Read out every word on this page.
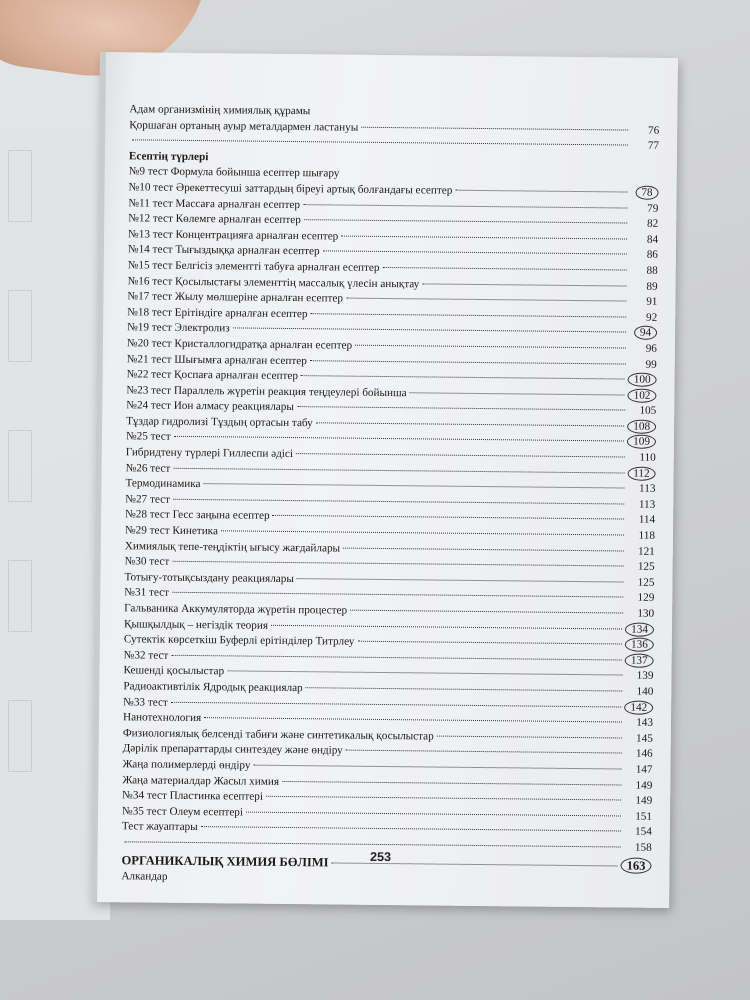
Адам организмінің химиялық құрамы
Қоршаған ортаның ауыр металдармен ластануы	76
77
Есептің түрлері
№9 тест Формула бойынша есептер шығару
№10 тест Әрекеттесуші заттардың біреуі артық болғандағы есептер	78
№11 тест Массаға арналған есептер	79
№12 тест Көлемге арналған есептер	82
№13 тест Концентрацияға арналған есептер	84
№14 тест Тығыздыққа арналған есептер	86
№15 тест Белгісіз элементті табуға арналған есептер	88
№16 тест Қосылыстағы элементтің массалық үлесін анықтау	89
№17 тест Жылу мөлшеріне арналған есептер	91
№18 тест Ерітіндіге арналған есептер	92
№19 тест Электролиз	94
№20 тест Кристаллогидратқа арналған есептер	96
№21 тест Шығымға арналған есептер	99
№22 тест Қоспаға арналған есептер	100
№23 тест Параллель жүретін реакция теңдеулері бойынша	102
№24 тест Ион алмасу реакциялары	105
Тұздар гидролизі Тұздың ортасын табу	108
№25 тест	109
Гибридтену түрлері Гиллеспи әдісі	110
№26 тест	112
Термодинамика	113
№27 тест	113
№28 тест Гесс заңына есептер	114
№29 тест Кинетика	118
Химиялық тепе-теңдіктің ығысу жағдайлары	121
№30 тест	125
Тотығу-тотықсыздану реакциялары	125
№31 тест	129
Гальваника Аккумуляторда жүретін процестер	130
Қышқылдық – негіздік теория	134
Сутектік көрсеткіш Буферлі ерітінділер Титрлеу	136
№32 тест	137
Кешенді қосылыстар	139
Радиоактивтілік Ядродық реакциялар	140
№33 тест	142
Нанотехнология	143
Физиологиялық белсенді табиғи және синтетикалық қосылыстар	145
Дәрілік препараттарды синтездеу және өндіру	146
Жаңа полимерлерді өндіру	147
Жаңа материалдар Жасыл химия	149
№34 тест Пластинка есептері	149
№35 тест Олеум есептері	151
Тест жауаптары	154
158
ОРГАНИКАЛЫҚ ХИМИЯ БӨЛІМІ	163
Алкандар
253
